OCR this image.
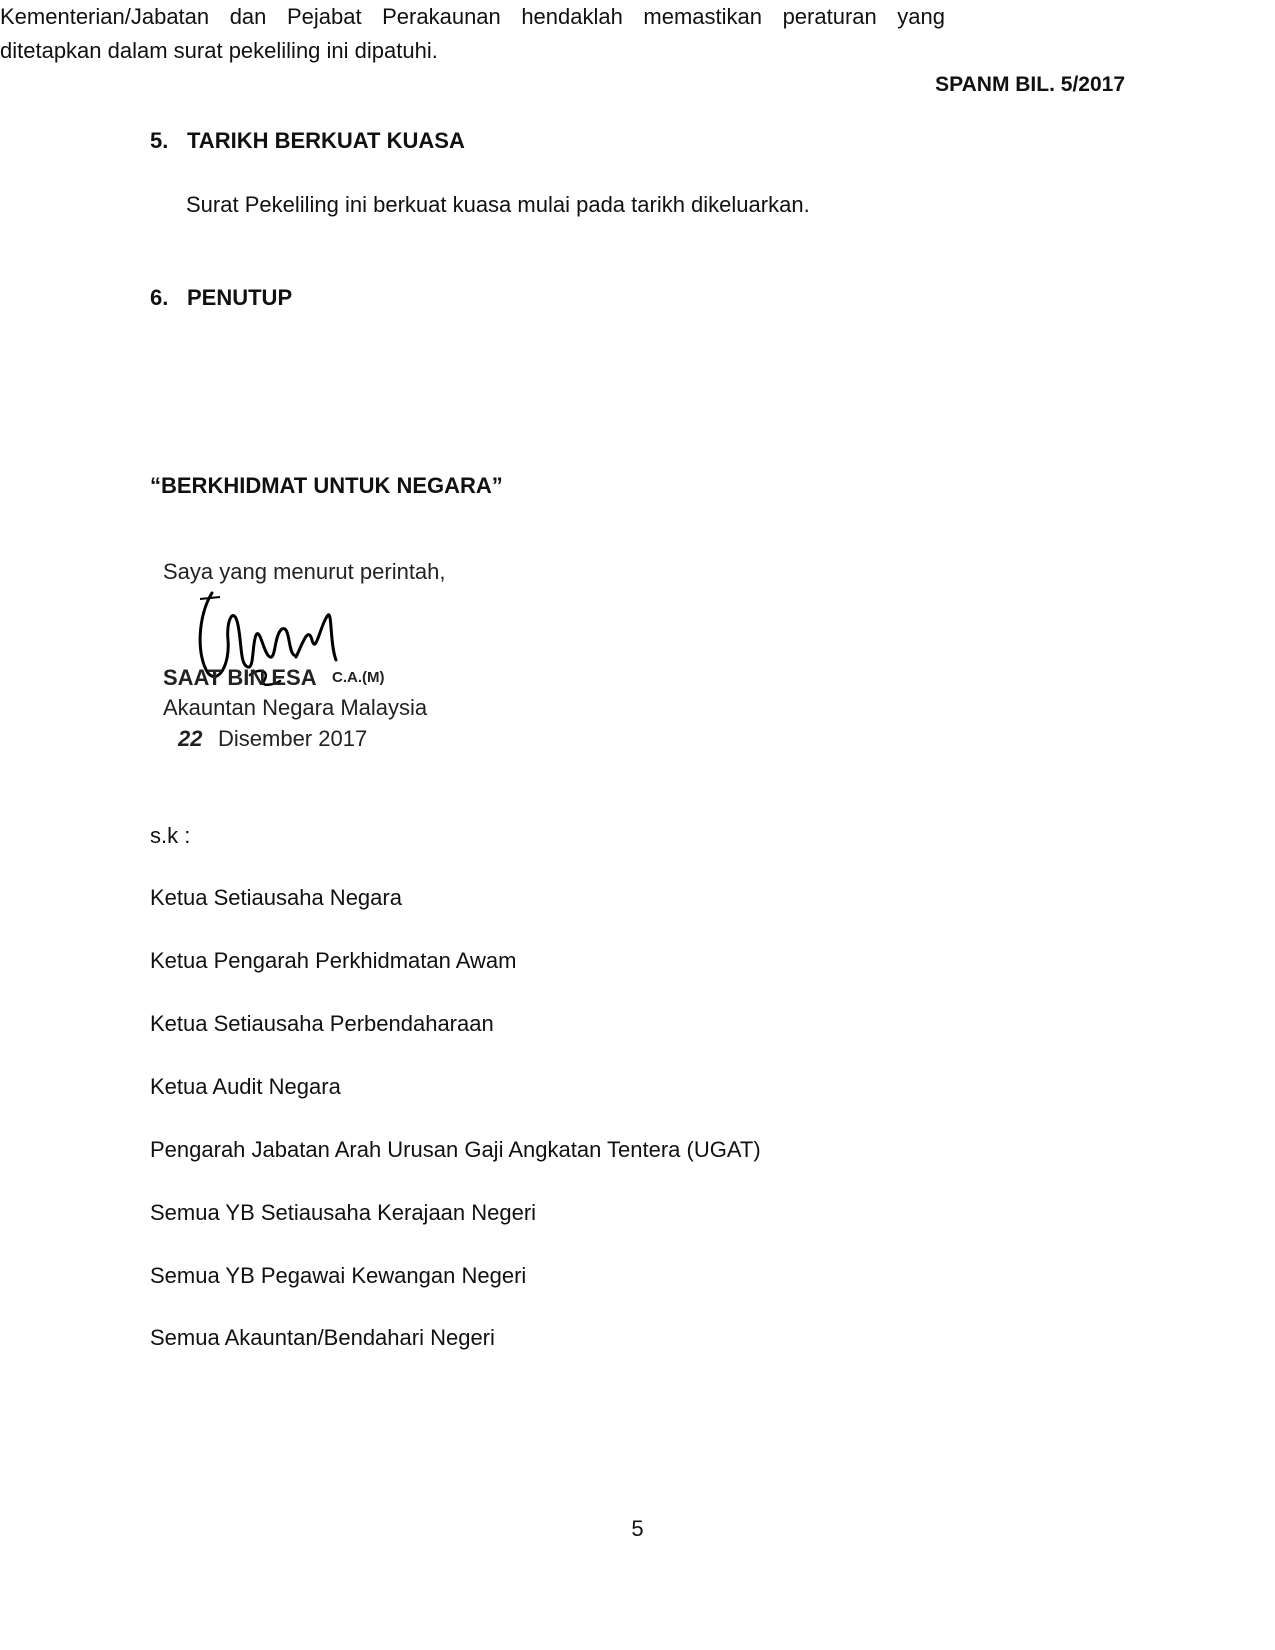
SPANM BIL. 5/2017
5. TARIKH BERKUAT KUASA
Surat Pekeliling ini berkuat kuasa mulai pada tarikh dikeluarkan.
6. PENUTUP
Kementerian/Jabatan dan Pejabat Perakaunan hendaklah memastikan peraturan yang ditetapkan dalam surat pekeliling ini dipatuhi.
“BERKHIDMAT UNTUK NEGARA”
Saya yang menurut perintah,
SAAT BIN ESA C.A.(M)
Akauntan Negara Malaysia
22 Disember 2017
s.k :
Ketua Setiausaha Negara
Ketua Pengarah Perkhidmatan Awam
Ketua Setiausaha Perbendaharaan
Ketua Audit Negara
Pengarah Jabatan Arah Urusan Gaji Angkatan Tentera (UGAT)
Semua YB Setiausaha Kerajaan Negeri
Semua YB Pegawai Kewangan Negeri
Semua Akauntan/Bendahari Negeri
5
